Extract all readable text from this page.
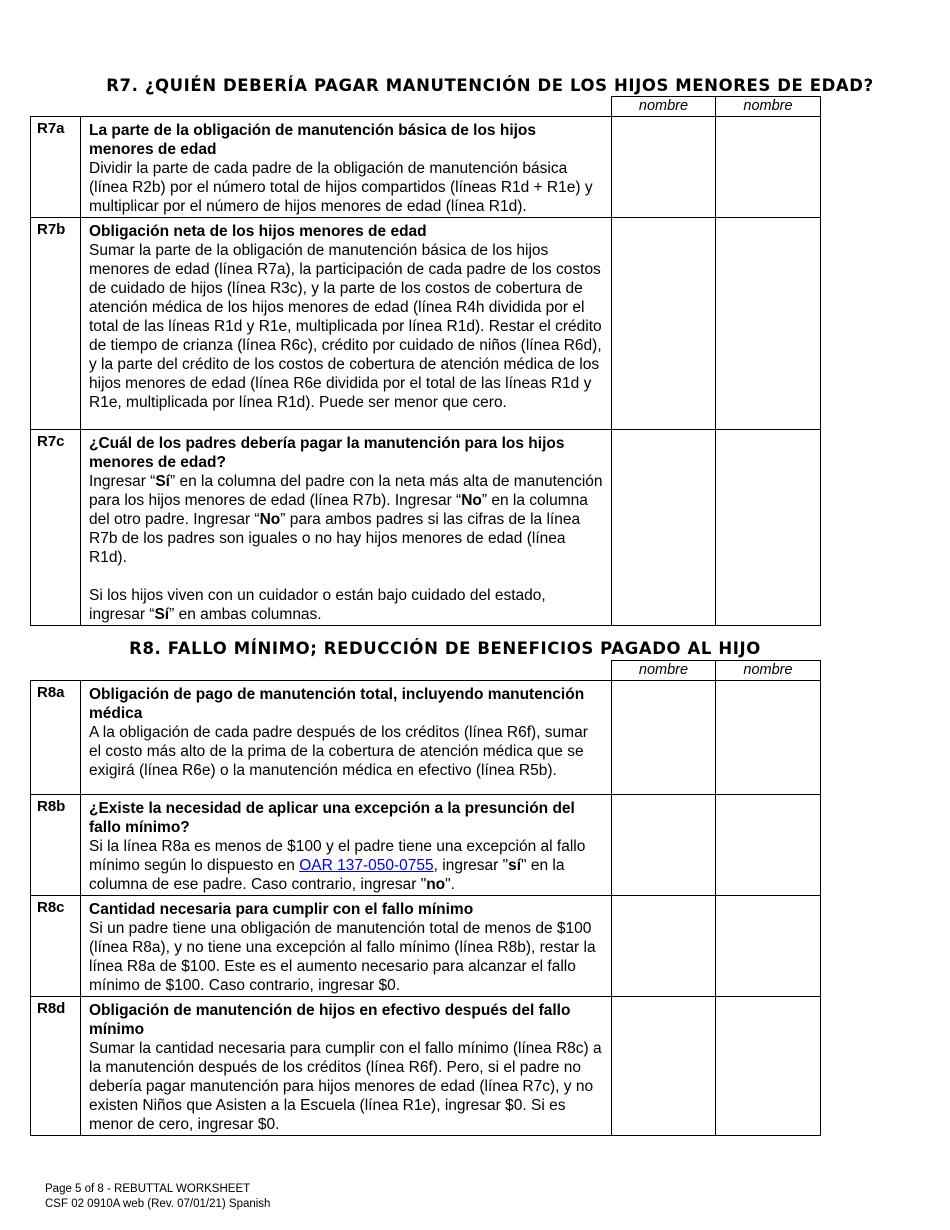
R7. ¿QUIÉN DEBERÍA PAGAR MANUTENCIÓN DE LOS HIJOS MENORES DE EDAD?
		nombre	nombre
R7a	La parte de la obligación de manutención básica de los hijos menores de edad
Dividir la parte de cada padre de la obligación de manutención básica (línea R2b) por el número total de hijos compartidos (líneas R1d + R1e) y multiplicar por el número de hijos menores de edad (línea R1d).		

R7b	Obligación neta de los hijos menores de edad
Sumar la parte de la obligación de manutención básica de los hijos menores de edad (línea R7a), la participación de cada padre de los costos de cuidado de hijos (línea R3c), y la parte de los costos de cobertura de atención médica de los hijos menores de edad (línea R4h dividida por el total de las líneas R1d y R1e, multiplicada por línea R1d). Restar el crédito de tiempo de crianza (línea R6c), crédito por cuidado de niños (línea R6d), y la parte del crédito de los costos de cobertura de atención médica de los hijos menores de edad (línea R6e dividida por el total de las líneas R1d y R1e, multiplicada por línea R1d). Puede ser menor que cero.		

R7c	¿Cuál de los padres debería pagar la manutención para los hijos menores de edad?
Ingresar “Sí” en la columna del padre con la neta más alta de manutención para los hijos menores de edad (línea R7b). Ingresar “No” en la columna del otro padre. Ingresar “No” para ambos padres si las cifras de la línea R7b de los padres son iguales o no hay hijos menores de edad (línea R1d).
Si los hijos viven con un cuidador o están bajo cuidado del estado, ingresar “Sí” en ambas columnas.		

R8. FALLO MÍNIMO; REDUCCIÓN DE BENEFICIOS PAGADO AL HIJO
		nombre	nombre
R8a	Obligación de pago de manutención total, incluyendo manutención médica
A la obligación de cada padre después de los créditos (línea R6f), sumar el costo más alto de la prima de la cobertura de atención médica que se exigirá (línea R6e) o la manutención médica en efectivo (línea R5b).		

R8b	¿Existe la necesidad de aplicar una excepción a la presunción del fallo mínimo?
Si la línea R8a es menos de $100 y el padre tiene una excepción al fallo mínimo según lo dispuesto en OAR 137-050-0755, ingresar "sí" en la columna de ese padre. Caso contrario, ingresar "no".		

R8c	Cantidad necesaria para cumplir con el fallo mínimo
Si un padre tiene una obligación de manutención total de menos de $100 (línea R8a), y no tiene una excepción al fallo mínimo (línea R8b), restar la línea R8a de $100. Este es el aumento necesario para alcanzar el fallo mínimo de $100. Caso contrario, ingresar $0.		

R8d	Obligación de manutención de hijos en efectivo después del fallo mínimo
Sumar la cantidad necesaria para cumplir con el fallo mínimo (línea R8c) a la manutención después de los créditos (línea R6f). Pero, si el padre no debería pagar manutención para hijos menores de edad (línea R7c), y no existen Niños que Asisten a la Escuela (línea R1e), ingresar $0. Si es menor de cero, ingresar $0.		

Page 5 of 8 - REBUTTAL WORKSHEET
CSF 02 0910A web (Rev. 07/01/21) Spanish
